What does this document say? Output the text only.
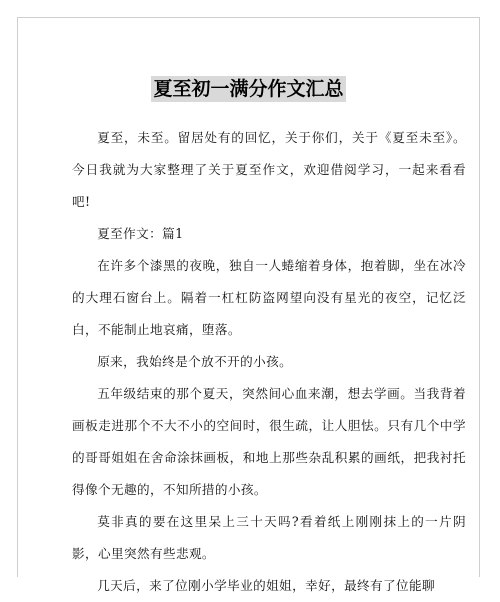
夏至初一满分作文汇总

夏至，未至。留居处有的回忆，关于你们，关于《夏至未至》。今日我就为大家整理了关于夏至作文，欢迎借阅学习，一起来看看吧!

夏至作文：篇1

在许多个漆黑的夜晚，独自一人蜷缩着身体，抱着脚，坐在冰冷的大理石窗台上。隔着一杠杠防盗网望向没有星光的夜空，记忆泛白，不能制止地哀痛，堕落。

原来，我始终是个放不开的小孩。

五年级结束的那个夏天，突然间心血来潮，想去学画。当我背着画板走进那个不大不小的空间时，很生疏，让人胆怯。只有几个中学的哥哥姐姐在舍命涂抹画板，和地上那些杂乱积累的画纸，把我衬托得像个无趣的，不知所措的小孩。

莫非真的要在这里呆上三十天吗?看着纸上刚刚抹上的一片阴影，心里突然有些悲观。

几天后，来了位刚小学毕业的姐姐，幸好，最终有了位能聊
